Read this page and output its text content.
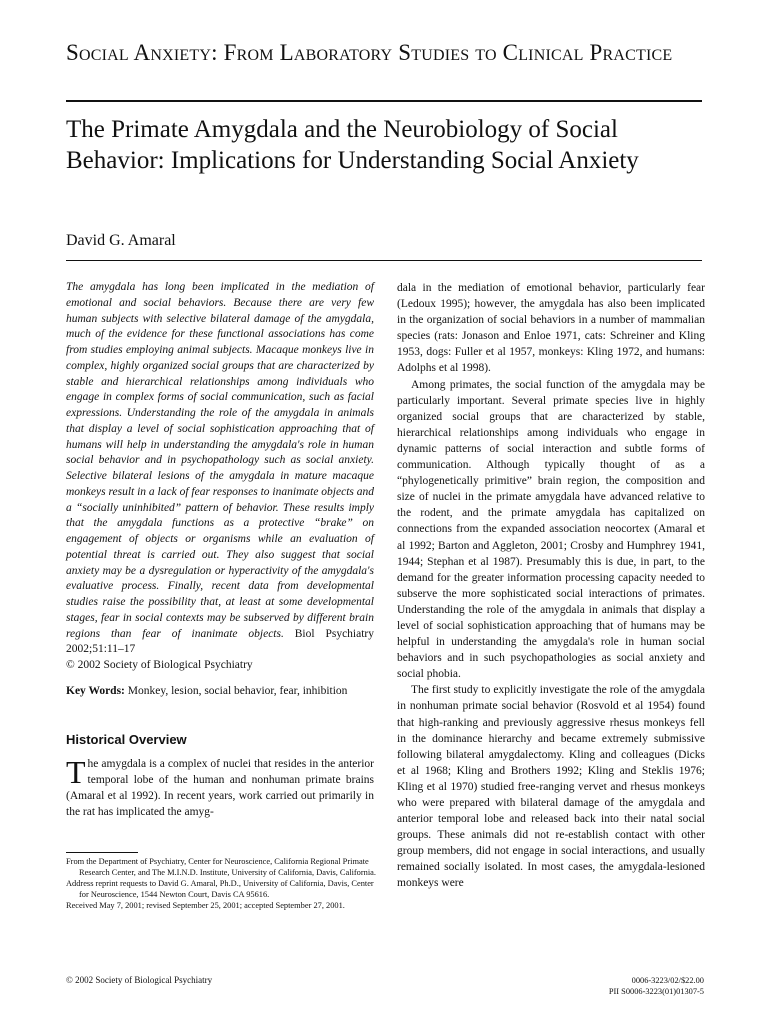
Social Anxiety: From Laboratory Studies to Clinical Practice
The Primate Amygdala and the Neurobiology of Social Behavior: Implications for Understanding Social Anxiety

David G. Amaral

The amygdala has long been implicated in the mediation of emotional and social behaviors. Because there are very few human subjects with selective bilateral damage of the amygdala, much of the evidence for these functional associations has come from studies employing animal subjects. Macaque monkeys live in complex, highly organized social groups that are characterized by stable and hierarchical relationships among individuals who engage in complex forms of social communication, such as facial expressions. Understanding the role of the amygdala in animals that display a level of social sophistication approaching that of humans will help in understanding the amygdala's role in human social behavior and in psychopathology such as social anxiety. Selective bilateral lesions of the amygdala in mature macaque monkeys result in a lack of fear responses to inanimate objects and a “socially uninhibited” pattern of behavior. These results imply that the amygdala functions as a protective “brake” on engagement of objects or organisms while an evaluation of potential threat is carried out. They also suggest that social anxiety may be a dysregulation or hyperactivity of the amygdala's evaluative process. Finally, recent data from developmental studies raise the possibility that, at least at some developmental stages, fear in social contexts may be subserved by different brain regions than fear of inanimate objects. Biol Psychiatry 2002;51:11–17
© 2002 Society of Biological Psychiatry

Key Words: Monkey, lesion, social behavior, fear, inhibition

Historical Overview

The amygdala is a complex of nuclei that resides in the anterior temporal lobe of the human and nonhuman primate brains (Amaral et al 1992). In recent years, work carried out primarily in the rat has implicated the amyg-

dala in the mediation of emotional behavior, particularly fear (Ledoux 1995); however, the amygdala has also been implicated in the organization of social behaviors in a number of mammalian species (rats: Jonason and Enloe 1971, cats: Schreiner and Kling 1953, dogs: Fuller et al 1957, monkeys: Kling 1972, and humans: Adolphs et al 1998).

Among primates, the social function of the amygdala may be particularly important. Several primate species live in highly organized social groups that are characterized by stable, hierarchical relationships among individuals who engage in dynamic patterns of social interaction and subtle forms of communication. Although typically thought of as a “phylogenetically primitive” brain region, the composition and size of nuclei in the primate amygdala have advanced relative to the rodent, and the primate amygdala has capitalized on connections from the expanded association neocortex (Amaral et al 1992; Barton and Aggleton, 2001; Crosby and Humphrey 1941, 1944; Stephan et al 1987). Presumably this is due, in part, to the demand for the greater information processing capacity needed to subserve the more sophisticated social interactions of primates. Understanding the role of the amygdala in animals that display a level of social sophistication approaching that of humans may be helpful in understanding the amygdala's role in human social behaviors and in such psychopathologies as social anxiety and social phobia.

The first study to explicitly investigate the role of the amygdala in nonhuman primate social behavior (Rosvold et al 1954) found that high-ranking and previously aggressive rhesus monkeys fell in the dominance hierarchy and became extremely submissive following bilateral amygdalectomy. Kling and colleagues (Dicks et al 1968; Kling and Brothers 1992; Kling and Steklis 1976; Kling et al 1970) studied free-ranging vervet and rhesus monkeys who were prepared with bilateral damage of the amygdala and anterior temporal lobe and released back into their natal social groups. These animals did not re-establish contact with other group members, did not engage in social interactions, and usually remained socially isolated. In most cases, the amygdala-lesioned monkeys were

From the Department of Psychiatry, Center for Neuroscience, California Regional Primate Research Center, and The M.I.N.D. Institute, University of California, Davis, California.

Address reprint requests to David G. Amaral, Ph.D., University of California, Davis, Center for Neuroscience, 1544 Newton Court, Davis CA 95616.

Received May 7, 2001; revised September 25, 2001; accepted September 27, 2001.

© 2002 Society of Biological Psychiatry	0006-3223/02/$22.00
PII S0006-3223(01)01307-5
